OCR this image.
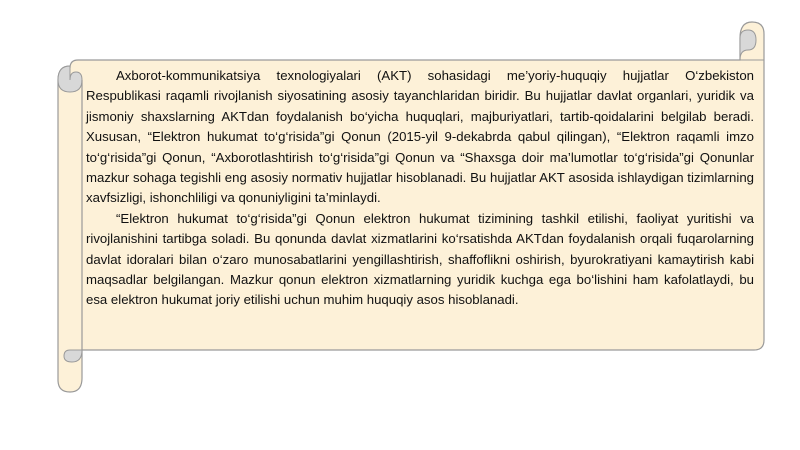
Axborot-kommunikatsiya texnologiyalari (AKT) sohasidagi me’yoriy-huquqiy hujjatlar O‘zbekiston Respublikasi raqamli rivojlanish siyosatining asosiy tayanchlaridan biridir. Bu hujjatlar davlat organlari, yuridik va jismoniy shaxslarning AKTdan foydalanish bo‘yicha huquqlari, majburiyatlari, tartib-qoidalarini belgilab beradi. Xususan, “Elektron hukumat to‘g‘risida”gi Qonun (2015-yil 9-dekabrda qabul qilingan), “Elektron raqamli imzo to‘g‘risida”gi Qonun, “Axborotlashtirish to‘g‘risida”gi Qonun va “Shaxsga doir ma’lumotlar to‘g‘risida”gi Qonunlar mazkur sohaga tegishli eng asosiy normativ hujjatlar hisoblanadi. Bu hujjatlar AKT asosida ishlaydigan tizimlarning xavfsizligi, ishonchliligi va qonuniyligini ta’minlaydi.

“Elektron hukumat to‘g‘risida”gi Qonun elektron hukumat tizimining tashkil etilishi, faoliyat yuritishi va rivojlanishini tartibga soladi. Bu qonunda davlat xizmatlarini ko‘rsatishda AKTdan foydalanish orqali fuqarolarning davlat idoralari bilan o‘zaro munosabatlarini yengillashtirish, shaffoflikni oshirish, byurokratiyani kamaytirish kabi maqsadlar belgilangan. Mazkur qonun elektron xizmatlarning yuridik kuchga ega bo‘lishini ham kafolatlaydi, bu esa elektron hukumat joriy etilishi uchun muhim huquqiy asos hisoblanadi.
